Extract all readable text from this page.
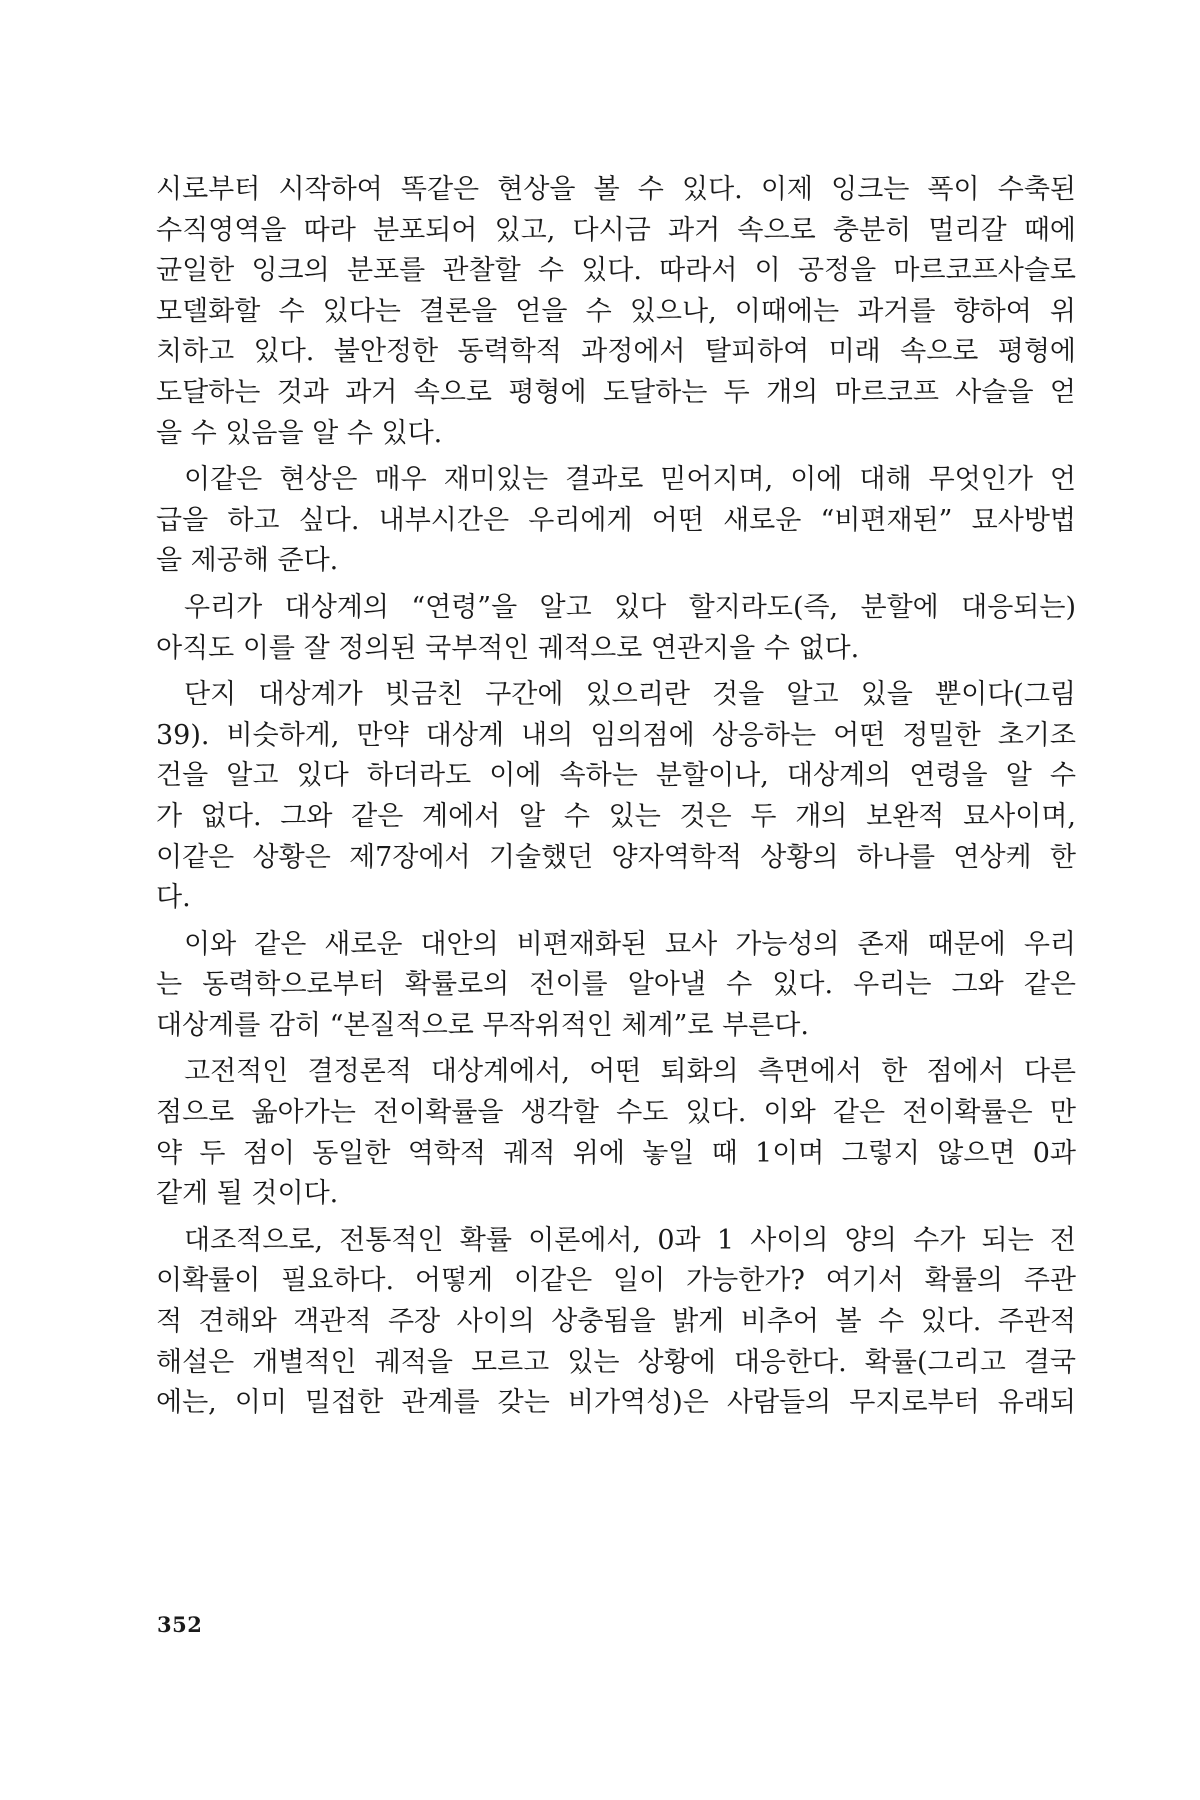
시로부터 시작하여 똑같은 현상을 볼 수 있다. 이제 잉크는 폭이 수축된
수직영역을 따라 분포되어 있고, 다시금 과거 속으로 충분히 멀리갈 때에
균일한 잉크의 분포를 관찰할 수 있다. 따라서 이 공정을 마르코프사슬로
모델화할 수 있다는 결론을 얻을 수 있으나, 이때에는 과거를 향하여 위
치하고 있다. 불안정한 동력학적 과정에서 탈피하여 미래 속으로 평형에
도달하는 것과 과거 속으로 평형에 도달하는 두 개의 마르코프 사슬을 얻
을 수 있음을 알 수 있다.
이같은 현상은 매우 재미있는 결과로 믿어지며, 이에 대해 무엇인가 언
급을 하고 싶다. 내부시간은 우리에게 어떤 새로운 “비편재된” 묘사방법
을 제공해 준다.
우리가 대상계의 “연령”을 알고 있다 할지라도(즉, 분할에 대응되는)
아직도 이를 잘 정의된 국부적인 궤적으로 연관지을 수 없다.
단지 대상계가 빗금친 구간에 있으리란 것을 알고 있을 뿐이다(그림
39). 비슷하게, 만약 대상계 내의 임의점에 상응하는 어떤 정밀한 초기조
건을 알고 있다 하더라도 이에 속하는 분할이나, 대상계의 연령을 알 수
가 없다. 그와 같은 계에서 알 수 있는 것은 두 개의 보완적 묘사이며,
이같은 상황은 제7장에서 기술했던 양자역학적 상황의 하나를 연상케 한
다.
이와 같은 새로운 대안의 비편재화된 묘사 가능성의 존재 때문에 우리
는 동력학으로부터 확률로의 전이를 알아낼 수 있다. 우리는 그와 같은
대상계를 감히 “본질적으로 무작위적인 체계”로 부른다.
고전적인 결정론적 대상계에서, 어떤 퇴화의 측면에서 한 점에서 다른
점으로 옮아가는 전이확률을 생각할 수도 있다. 이와 같은 전이확률은 만
약 두 점이 동일한 역학적 궤적 위에 놓일 때 1이며 그렇지 않으면 0과
같게 될 것이다.
대조적으로, 전통적인 확률 이론에서, 0과 1 사이의 양의 수가 되는 전
이확률이 필요하다. 어떻게 이같은 일이 가능한가? 여기서 확률의 주관
적 견해와 객관적 주장 사이의 상충됨을 밝게 비추어 볼 수 있다. 주관적
해설은 개별적인 궤적을 모르고 있는 상황에 대응한다. 확률(그리고 결국
에는, 이미 밀접한 관계를 갖는 비가역성)은 사람들의 무지로부터 유래되
352
